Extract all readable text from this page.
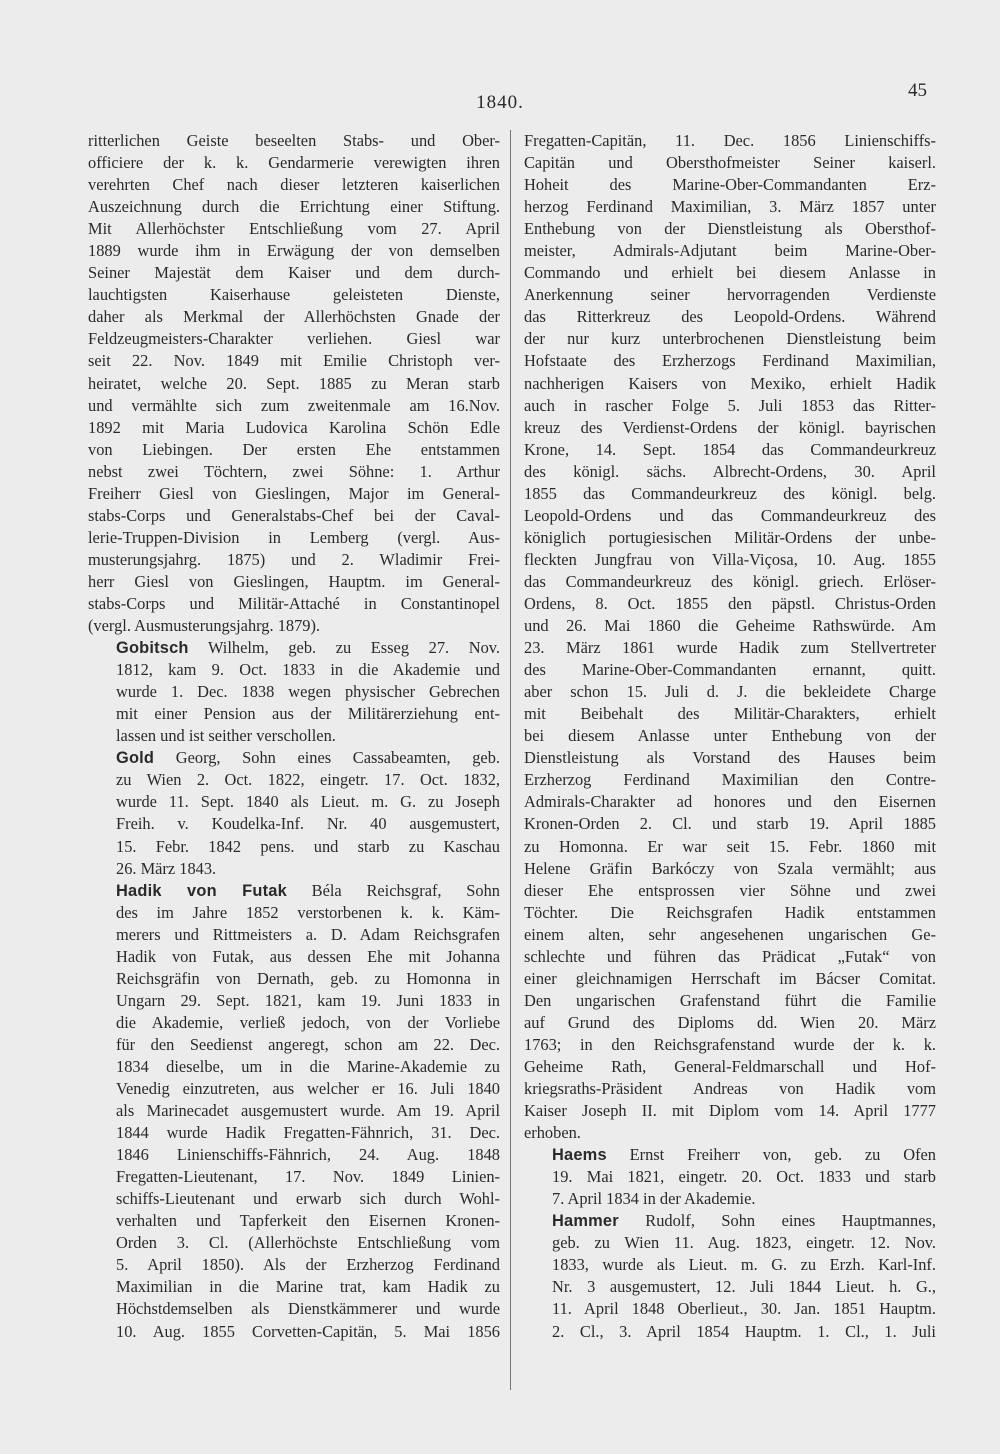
1840.
45
ritterlichen Geiste beseelten Stabs- und Ober-
officiere der k. k. Gendarmerie verewigten ihren
verehrten Chef nach dieser letzteren kaiserlichen
Auszeichnung durch die Errichtung einer Stiftung.
Mit Allerhöchster Entschließung vom 27. April
1889 wurde ihm in Erwägung der von demselben
Seiner Majestät dem Kaiser und dem durch-
lauchtigsten Kaiserhause geleisteten Dienste,
daher als Merkmal der Allerhöchsten Gnade der
Feldzeugmeisters-Charakter verliehen. Giesl war
seit 22. Nov. 1849 mit Emilie Christoph ver-
heiratet, welche 20. Sept. 1885 zu Meran starb
und vermählte sich zum zweitenmale am 16.Nov.
1892 mit Maria Ludovica Karolina Schön Edle
von Liebingen. Der ersten Ehe entstammen
nebst zwei Töchtern, zwei Söhne: 1. Arthur
Freiherr Giesl von Gieslingen, Major im General-
stabs-Corps und Generalstabs-Chef bei der Caval-
lerie-Truppen-Division in Lemberg (vergl. Aus-
musterungsjahrg. 1875) und 2. Wladimir Frei-
herr Giesl von Gieslingen, Hauptm. im General-
stabs-Corps und Militär-Attaché in Constantinopel
(vergl. Ausmusterungsjahrg. 1879).
Gobitsch Wilhelm, geb. zu Esseg 27. Nov.
1812, kam 9. Oct. 1833 in die Akademie und
wurde 1. Dec. 1838 wegen physischer Gebrechen
mit einer Pension aus der Militärerziehung ent-
lassen und ist seither verschollen.
Gold Georg, Sohn eines Cassabeamten, geb.
zu Wien 2. Oct. 1822, eingetr. 17. Oct. 1832,
wurde 11. Sept. 1840 als Lieut. m. G. zu Joseph
Freih. v. Koudelka-Inf. Nr. 40 ausgemustert,
15. Febr. 1842 pens. und starb zu Kaschau
26. März 1843.
Hadik von Futak Béla Reichsgraf, Sohn
des im Jahre 1852 verstorbenen k. k. Käm-
merers und Rittmeisters a. D. Adam Reichsgrafen
Hadik von Futak, aus dessen Ehe mit Johanna
Reichsgräfin von Dernath, geb. zu Homonna in
Ungarn 29. Sept. 1821, kam 19. Juni 1833 in
die Akademie, verließ jedoch, von der Vorliebe
für den Seedienst angeregt, schon am 22. Dec.
1834 dieselbe, um in die Marine-Akademie zu
Venedig einzutreten, aus welcher er 16. Juli 1840
als Marinecadet ausgemustert wurde. Am 19. April
1844 wurde Hadik Fregatten-Fähnrich, 31. Dec.
1846 Linienschiffs-Fähnrich, 24. Aug. 1848
Fregatten-Lieutenant, 17. Nov. 1849 Linien-
schiffs-Lieutenant und erwarb sich durch Wohl-
verhalten und Tapferkeit den Eisernen Kronen-
Orden 3. Cl. (Allerhöchste Entschließung vom
5. April 1850). Als der Erzherzog Ferdinand
Maximilian in die Marine trat, kam Hadik zu
Höchstdemselben als Dienstkämmerer und wurde
10. Aug. 1855 Corvetten-Capitän, 5. Mai 1856
Fregatten-Capitän, 11. Dec. 1856 Linienschiffs-
Capitän und Obersthofmeister Seiner kaiserl.
Hoheit des Marine-Ober-Commandanten Erz-
herzog Ferdinand Maximilian, 3. März 1857 unter
Enthebung von der Dienstleistung als Obersthof-
meister, Admirals-Adjutant beim Marine-Ober-
Commando und erhielt bei diesem Anlasse in
Anerkennung seiner hervorragenden Verdienste
das Ritterkreuz des Leopold-Ordens. Während
der nur kurz unterbrochenen Dienstleistung beim
Hofstaate des Erzherzogs Ferdinand Maximilian,
nachherigen Kaisers von Mexiko, erhielt Hadik
auch in rascher Folge 5. Juli 1853 das Ritter-
kreuz des Verdienst-Ordens der königl. bayrischen
Krone, 14. Sept. 1854 das Commandeurkreuz
des königl. sächs. Albrecht-Ordens, 30. April
1855 das Commandeurkreuz des königl. belg.
Leopold-Ordens und das Commandeurkreuz des
königlich portugiesischen Militär-Ordens der unbe-
fleckten Jungfrau von Villa-Viçosa, 10. Aug. 1855
das Commandeurkreuz des königl. griech. Erlöser-
Ordens, 8. Oct. 1855 den päpstl. Christus-Orden
und 26. Mai 1860 die Geheime Rathswürde. Am
23. März 1861 wurde Hadik zum Stellvertreter
des Marine-Ober-Commandanten ernannt, quitt.
aber schon 15. Juli d. J. die bekleidete Charge
mit Beibehalt des Militär-Charakters, erhielt
bei diesem Anlasse unter Enthebung von der
Dienstleistung als Vorstand des Hauses beim
Erzherzog Ferdinand Maximilian den Contre-
Admirals-Charakter ad honores und den Eisernen
Kronen-Orden 2. Cl. und starb 19. April 1885
zu Homonna. Er war seit 15. Febr. 1860 mit
Helene Gräfin Barkóczy von Szala vermählt; aus
dieser Ehe entsprossen vier Söhne und zwei
Töchter. Die Reichsgrafen Hadik entstammen
einem alten, sehr angesehenen ungarischen Ge-
schlechte und führen das Prädicat „Futak“ von
einer gleichnamigen Herrschaft im Bácser Comitat.
Den ungarischen Grafenstand führt die Familie
auf Grund des Diploms dd. Wien 20. März
1763; in den Reichsgrafenstand wurde der k. k.
Geheime Rath, General-Feldmarschall und Hof-
kriegsraths-Präsident Andreas von Hadik vom
Kaiser Joseph II. mit Diplom vom 14. April 1777
erhoben.
Haems Ernst Freiherr von, geb. zu Ofen
19. Mai 1821, eingetr. 20. Oct. 1833 und starb
7. April 1834 in der Akademie.
Hammer Rudolf, Sohn eines Hauptmannes,
geb. zu Wien 11. Aug. 1823, eingetr. 12. Nov.
1833, wurde als Lieut. m. G. zu Erzh. Karl-Inf.
Nr. 3 ausgemustert, 12. Juli 1844 Lieut. h. G.,
11. April 1848 Oberlieut., 30. Jan. 1851 Hauptm.
2. Cl., 3. April 1854 Hauptm. 1. Cl., 1. Juli
